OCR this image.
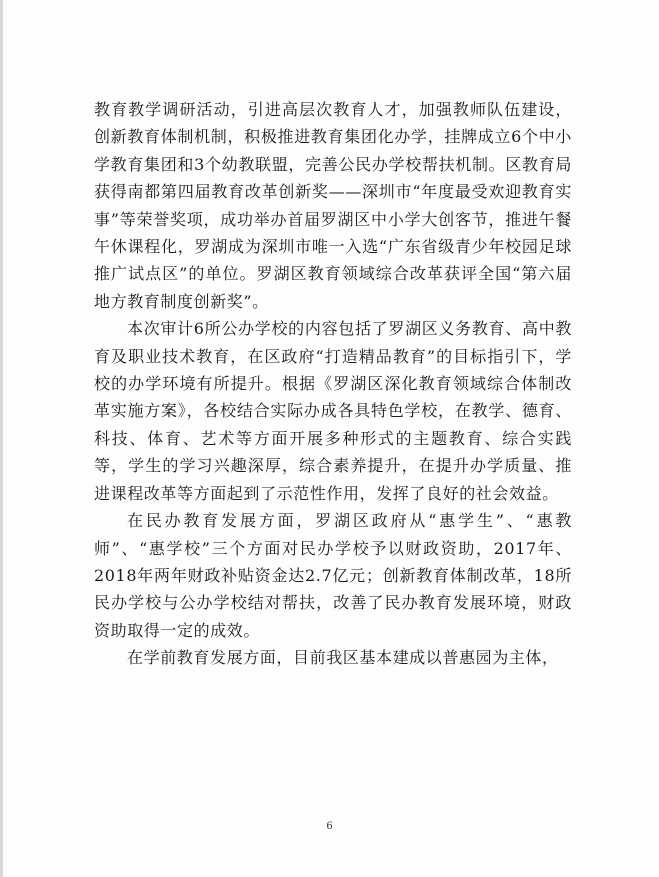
教育教学调研活动，引进高层次教育人才，加强教师队伍建设，创新教育体制机制，积极推进教育集团化办学，挂牌成立6个中小学教育集团和3个幼教联盟，完善公民办学校帮扶机制。区教育局获得南都第四届教育改革创新奖——深圳市“年度最受欢迎教育实事”等荣誉奖项，成功举办首届罗湖区中小学大创客节，推进午餐午休课程化，罗湖成为深圳市唯一入选“广东省级青少年校园足球推广试点区”的单位。罗湖区教育领域综合改革获评全国“第六届地方教育制度创新奖”。

本次审计6所公办学校的内容包括了罗湖区义务教育、高中教育及职业技术教育，在区政府“打造精品教育”的目标指引下，学校的办学环境有所提升。根据《罗湖区深化教育领域综合体制改革实施方案》，各校结合实际办成各具特色学校，在教学、德育、科技、体育、艺术等方面开展多种形式的主题教育、综合实践等，学生的学习兴趣深厚，综合素养提升，在提升办学质量、推进课程改革等方面起到了示范性作用，发挥了良好的社会效益。

在民办教育发展方面，罗湖区政府从“惠学生”、“惠教师”、“惠学校”三个方面对民办学校予以财政资助，2017年、2018年两年财政补贴资金达2.7亿元；创新教育体制改革，18所民办学校与公办学校结对帮扶，改善了民办教育发展环境，财政资助取得一定的成效。

在学前教育发展方面，目前我区基本建成以普惠园为主体，

6
